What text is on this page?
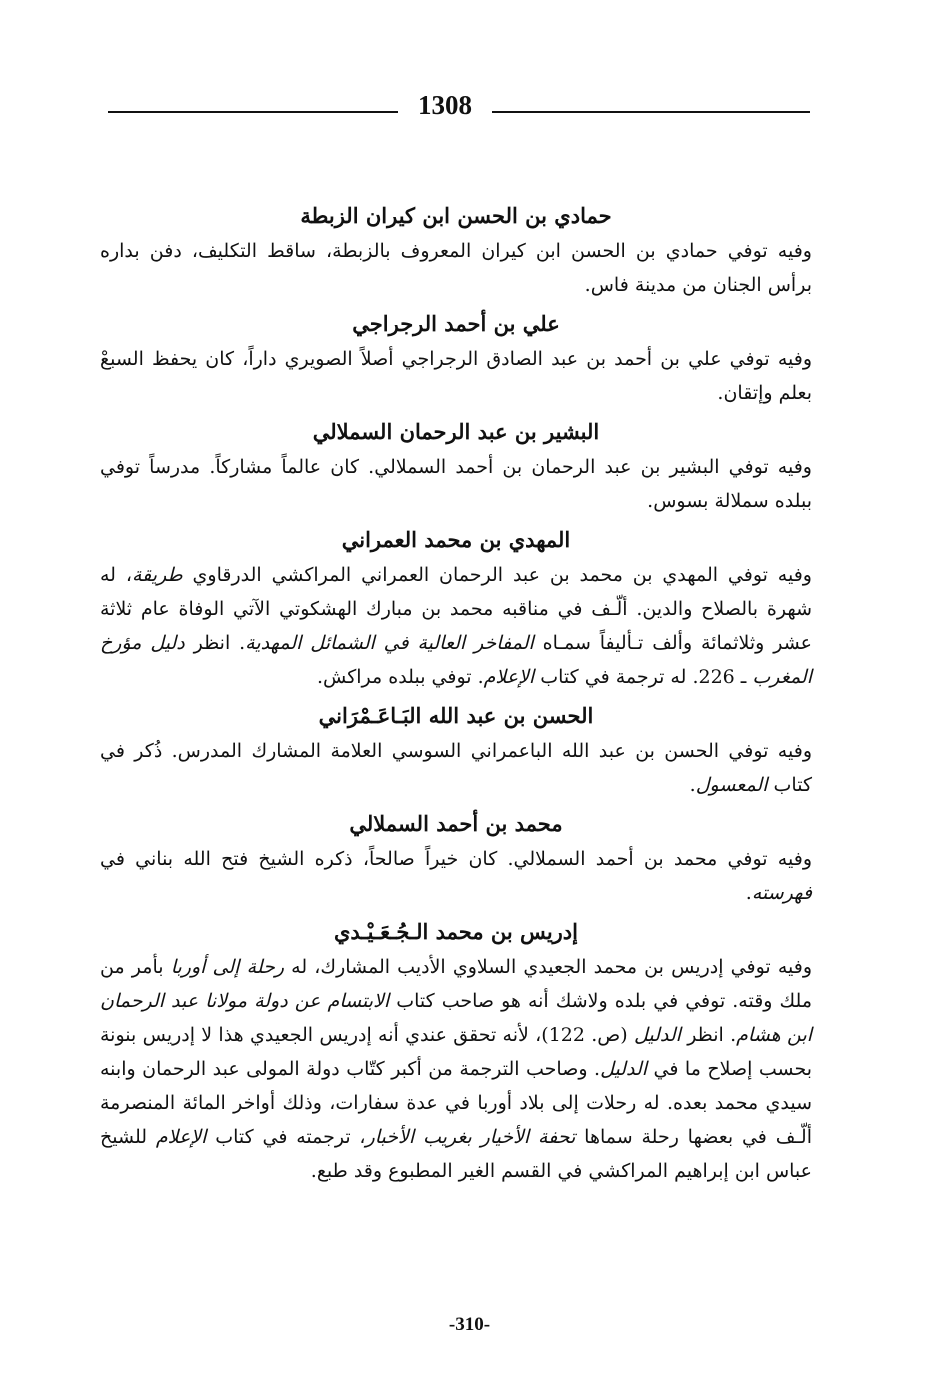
1308

حمادي بن الحسن ابن كيران الزبطة

وفيه توفي حمادي بن الحسن ابن كيران المعروف بالزبطة، ساقط التكليف، دفن بداره برأس الجنان من مدينة فاس.

علي بن أحمد الرجراجي

وفيه توفي علي بن أحمد بن عبد الصادق الرجراجي أصلاً الصويري داراً، كان يحفظ السبعْ بعلم وإتقان.

البشير بن عبد الرحمان السملالي

وفيه توفي البشير بن عبد الرحمان بن أحمد السملالي. كان عالماً مشاركاً. مدرساً توفي ببلده سملالة بسوس.

المهدي بن محمد العمراني

وفيه توفي المهدي بن محمد بن عبد الرحمان العمراني المراكشي الدرقاوي طريقة، له شهرة بالصلاح والدين. ألّـف في مناقبه محمد بن مبارك الهشكوتي الآتي الوفاة عام ثلاثة عشر وثلاثمائة وألف تـأليفاً سمـاه المفاخر العالية في الشمائل المهدية. انظر دليل مؤرخ المغرب ـ 226. له ترجمة في كتاب الإعلام. توفي ببلده مراكش.

الحسن بن عبد الله البَـاعَـمْرَاني

وفيه توفي الحسن بن عبد الله الباعمراني السوسي العلامة المشارك المدرس. ذُكر في كتاب المعسول.

محمد بن أحمد السملالي

وفيه توفي محمد بن أحمد السملالي. كان خيراً صالحاً، ذكره الشيخ فتح الله بناني في فهرسته.

إدريس بن محمد الـجُـعَـيْـدي

وفيه توفي إدريس بن محمد الجعيدي السلاوي الأديب المشارك، له رحلة إلى أوربا بأمر من ملك وقته. توفي في بلده ولاشك أنه هو صاحب كتاب الابتسام عن دولة مولانا عبد الرحمان ابن هشام. انظر الدليل (ص. 122)، لأنه تحقق عندي أنه إدريس الجعيدي هذا لا إدريس بنونة بحسب إصلاح ما في الدليل. وصاحب الترجمة من أكبر كتّاب دولة المولى عبد الرحمان وابنه سيدي محمد بعده. له رحلات إلى بلاد أوربا في عدة سفارات، وذلك أواخر المائة المنصرمة ألّـف في بعضها رحلة سماها تحفة الأخيار بغريب الأخبار، ترجمته في كتاب الإعلام للشيخ عباس ابن إبراهيم المراكشي في القسم الغير المطبوع وقد طبع.

-310-
